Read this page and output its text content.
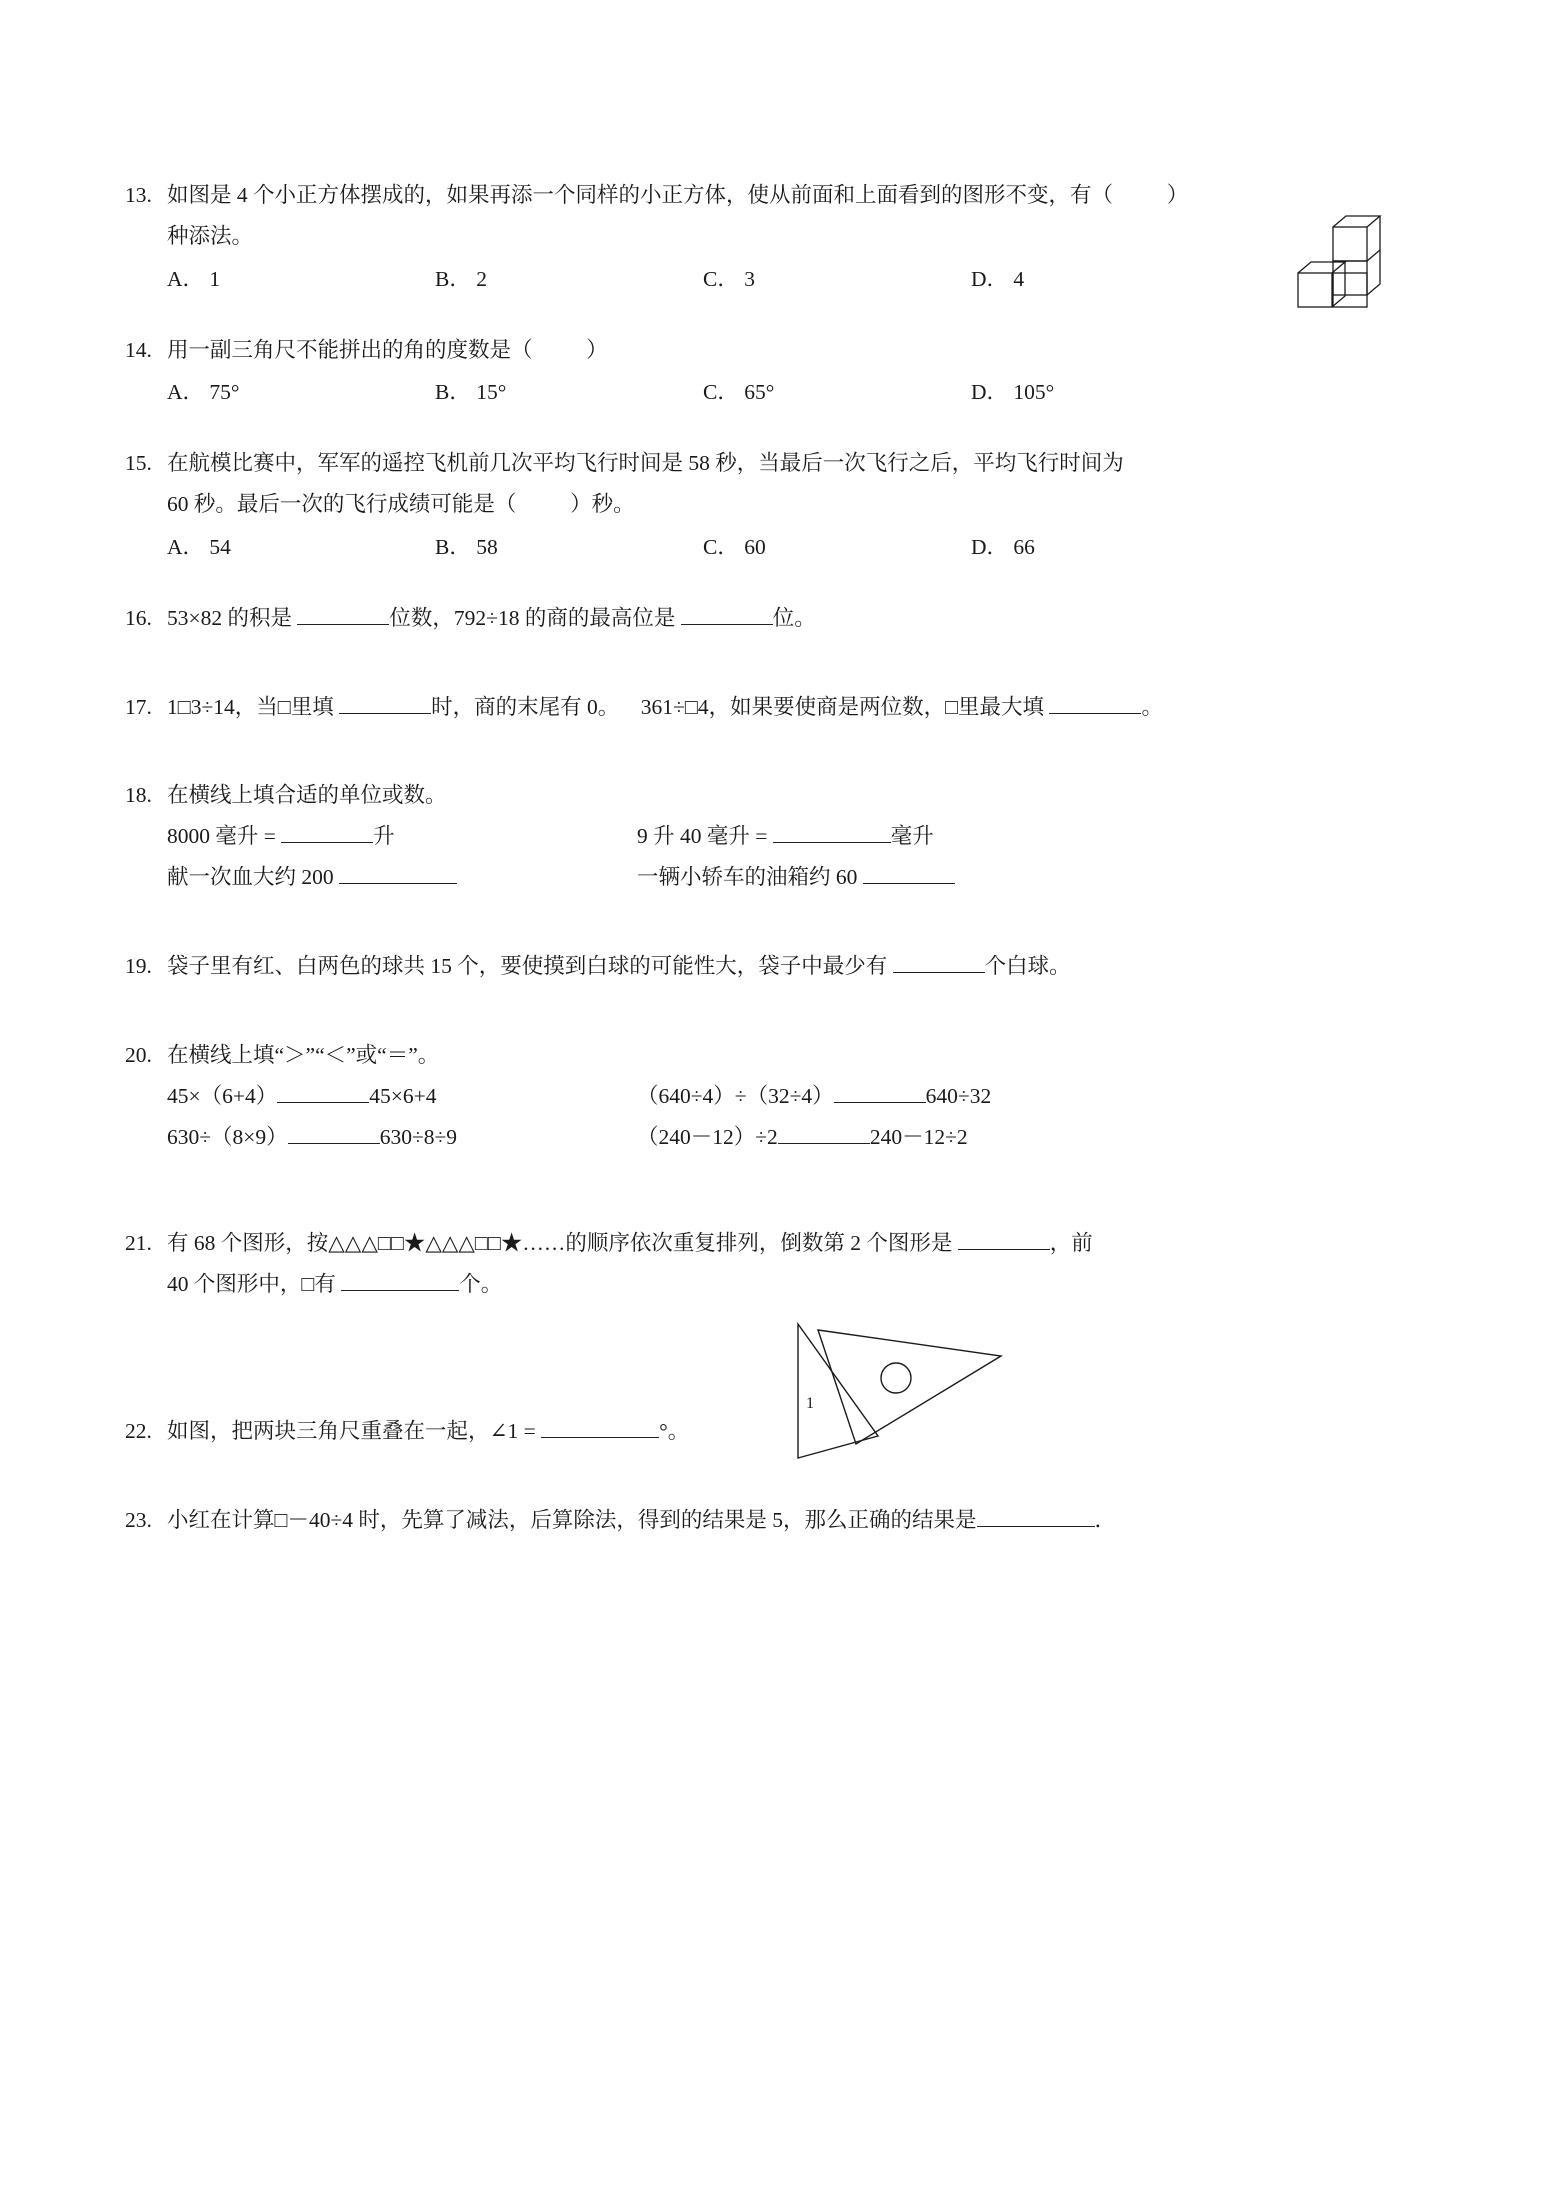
13. 如图是 4 个小正方体摆成的，如果再添一个同样的小正方体，使从前面和上面看到的图形不变，有（          ）
种添法。
A． 1	B． 2	C． 3	D． 4
14. 用一副三角尺不能拼出的角的度数是（          ）
A． 75°	B． 15°	C． 65°	D． 105°
15. 在航模比赛中，军军的遥控飞机前几次平均飞行时间是 58 秒，当最后一次飞行之后，平均飞行时间为
60 秒。最后一次的飞行成绩可能是（          ）秒。
A． 54	B． 58	C． 60	D． 66
16. 53×82 的积是	位数，792÷18 的商的最高位是	位。
17. 1□3÷14，当□里填	时，商的末尾有 0。    361÷□4，如果要使商是两位数，□里最大填	。
18. 在横线上填合适的单位或数。
8000 毫升 =	升	9 升 40 毫升 =	毫升
献一次血大约 200	一辆小轿车的油箱约 60
19. 袋子里有红、白两色的球共 15 个，要使摸到白球的可能性大，袋子中最少有	个白球。
20. 在横线上填“＞”“＜”或“＝”。
45×（6+4）	45×6+4	（640÷4）÷（32÷4）	640÷32
630÷（8×9）	630÷8÷9	（240－12）÷2	240－12÷2
21. 有 68 个图形，按△△△□□★△△△□□★……的顺序依次重复排列，倒数第 2 个图形是	，前
40 个图形中，□有	个。
22. 如图，把两块三角尺重叠在一起，∠1 =	°。
1
23. 小红在计算□－40÷4 时，先算了减法，后算除法，得到的结果是 5，那么正确的结果是	．
